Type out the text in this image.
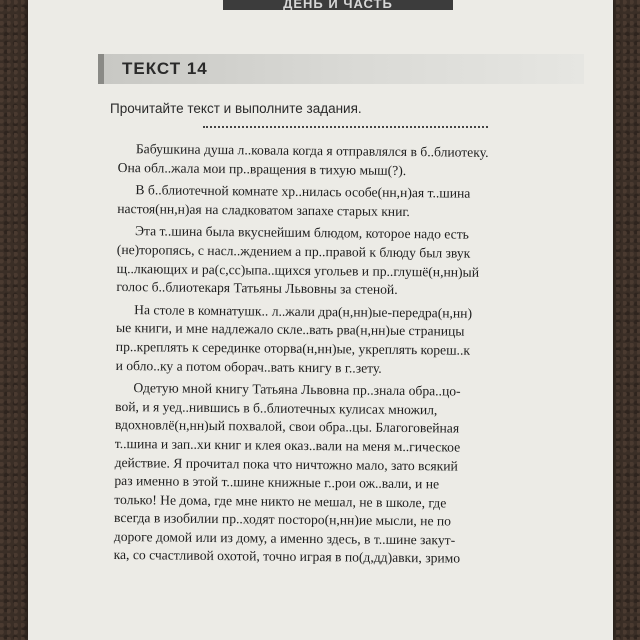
ДЕНЬ И ЧАСТЬ
ТЕКСТ 14
Прочитайте текст и выполните задания.
Бабушкина душа л..ковала когда я отправлялся в б..блиотеку.
Она обл..жала мои пр..вращения в тихую мыш(?).
В б..блиотечной комнате хр..нилась особе(нн,н)ая т..шина
настоя(нн,н)ая на сладковатом запахе старых книг.
Эта т..шина была вкуснейшим блюдом, которое надо есть
(не)торопясь, с насл..ждением а пр..правой к блюду был звук
щ..лкающих и ра(с,сс)ыпа..щихся угольев и пр..глушё(н,нн)ый
голос б..блиотекаря Татьяны Львовны за стеной.
На столе в комнатушк.. л..жали дра(н,нн)ые-передра(н,нн)
ые книги, и мне надлежало скле..вать рва(н,нн)ые страницы
пр..креплять к серединке оторва(н,нн)ые, укреплять кореш..к
и обло..ку а потом оборач..вать книгу в г..зету.
Одетую мной книгу Татьяна Львовна пр..знала обра..цо-
вой, и я уед..нившись в б..блиотечных кулисах множил,
вдохновлё(н,нн)ый похвалой, свои обра..цы. Благоговейная
т..шина и зап..хи книг и клея оказ..вали на меня м..гическое
действие. Я прочитал пока что ничтожно мало, зато всякий
раз именно в этой т..шине книжные г..рои ож..вали, и не
только! Не дома, где мне никто не мешал, не в школе, где
всегда в изобилии пр..ходят посторо(н,нн)ие мысли, не по
дороге домой или из дому, а именно здесь, в т..шине закут-
ка, со счастливой охотой, точно играя в по(д,дд)авки, зримо
